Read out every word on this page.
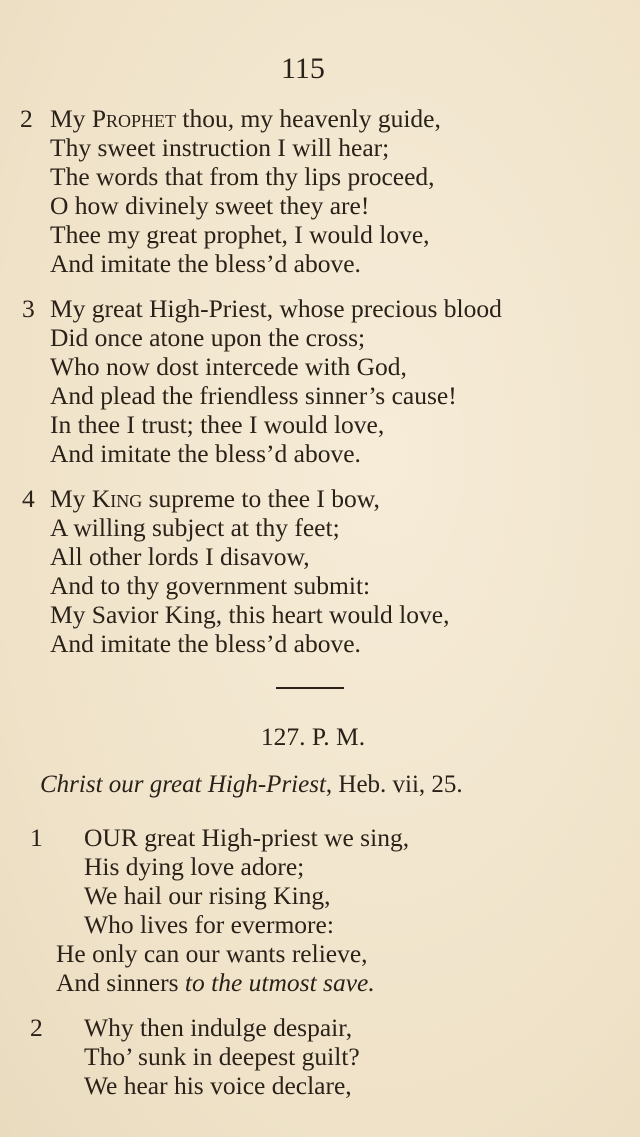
115
2 My Prophet thou, my heavenly guide,
Thy sweet instruction I will hear;
The words that from thy lips proceed,
O how divinely sweet they are!
Thee my great prophet, I would love,
And imitate the bless’d above.
3 My great High-Priest, whose precious blood
Did once atone upon the cross;
Who now dost intercede with God,
And plead the friendless sinner’s cause!
In thee I trust; thee I would love,
And imitate the bless’d above.
4 My King supreme to thee I bow,
A willing subject at thy feet;
All other lords I disavow,
And to thy government submit:
My Savior King, this heart would love,
And imitate the bless’d above.
127. P. M.
Christ our great High-Priest, Heb. vii, 25.
1 OUR great High-priest we sing,
His dying love adore;
We hail our rising King,
Who lives for evermore:
He only can our wants relieve,
And sinners to the utmost save.
2 Why then indulge despair,
Tho’ sunk in deepest guilt?
We hear his voice declare,
